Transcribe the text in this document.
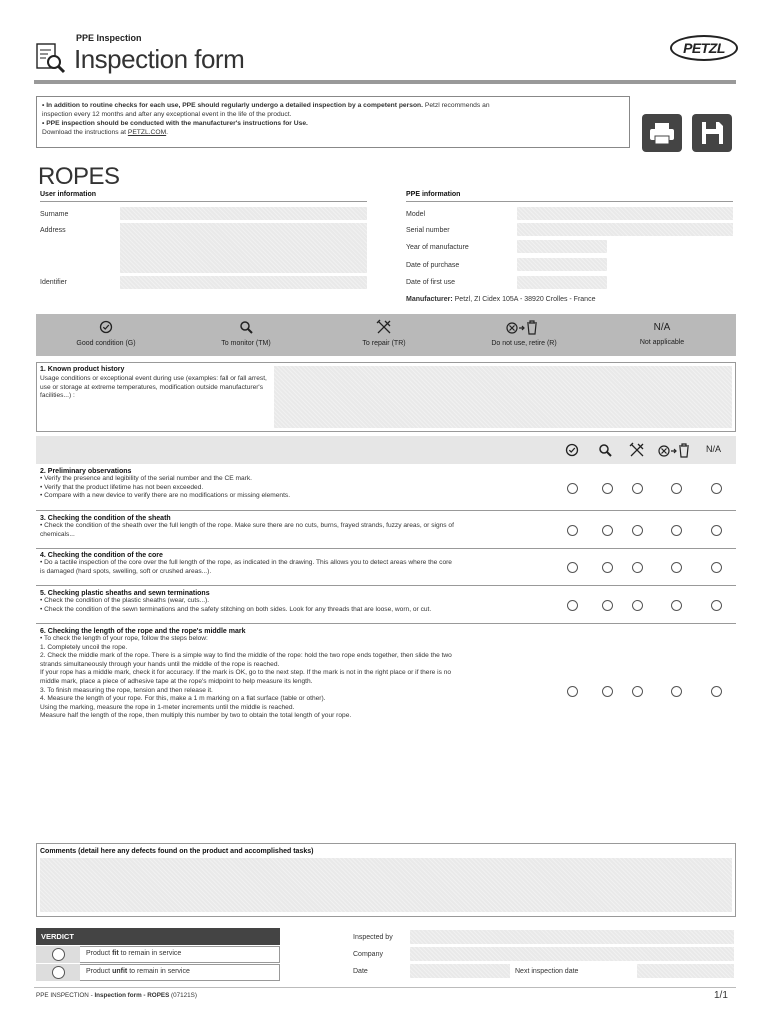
PPE Inspection
Inspection form	PETZL
• In addition to routine checks for each use, PPE should regularly undergo a detailed inspection by a competent person. Petzl recommends an
inspection every 12 months and after any exceptional event in the life of the product.
• PPE inspection should be conducted with the manufacturer's instructions for Use.
Download the instructions at PETZL.COM.
ROPES
User information
Surname
Address
Identifier
PPE information
Model
Serial number
Year of manufacture
Date of purchase
Date of first use
Manufacturer: Petzl, ZI Cidex 105A - 38920 Crolles - France
Good condition (G)	To monitor (TM)	To repair (TR)	Do not use, retire (R)
N/A
Not applicable
1. Known product history
Usage conditions or exceptional event during use (examples: fall or fall arrest, use or storage at extreme temperatures, modification outside manufacturer's facilities...) :
N/A
2. Preliminary observations
• Verify the presence and legibility of the serial number and the CE mark.
• Verify that the product lifetime has not been exceeded.
• Compare with a new device to verify there are no modifications or missing elements.
3. Checking the condition of the sheath
• Check the condition of the sheath over the full length of the rope. Make sure there are no cuts, burns, frayed strands, fuzzy areas, or signs of
chemicals...
4. Checking the condition of the core
• Do a tactile inspection of the core over the full length of the rope, as indicated in the drawing. This allows you to detect areas where the core
is damaged (hard spots, swelling, soft or crushed areas...).
5. Checking plastic sheaths and sewn terminations
• Check the condition of the plastic sheaths (wear, cuts...).
• Check the condition of the sewn terminations and the safety stitching on both sides. Look for any threads that are loose, worn, or cut.
6. Checking the length of the rope and the rope's middle mark
• To check the length of your rope, follow the steps below:
1. Completely uncoil the rope.
2. Check the middle mark of the rope. There is a simple way to find the middle of the rope: hold the two rope ends together, then slide the two
strands simultaneously through your hands until the middle of the rope is reached.
If your rope has a middle mark, check it for accuracy. If the mark is OK, go to the next step. If the mark is not in the right place or if there is no
middle mark, place a piece of adhesive tape at the rope's midpoint to help measure its length.
3. To finish measuring the rope, tension and then release it.
4. Measure the length of your rope. For this, make a 1 m marking on a flat surface (table or other).
Using the marking, measure the rope in 1-meter increments until the middle is reached.
Measure half the length of the rope, then multiply this number by two to obtain the total length of your rope.
Comments (detail here any defects found on the product and accomplished tasks)
VERDICT
Product fit to remain in service
Product unfit to remain in service
Inspected by
Company
Date	Next inspection date
PPE INSPECTION - Inspection form - ROPES (07121S)	1/1
